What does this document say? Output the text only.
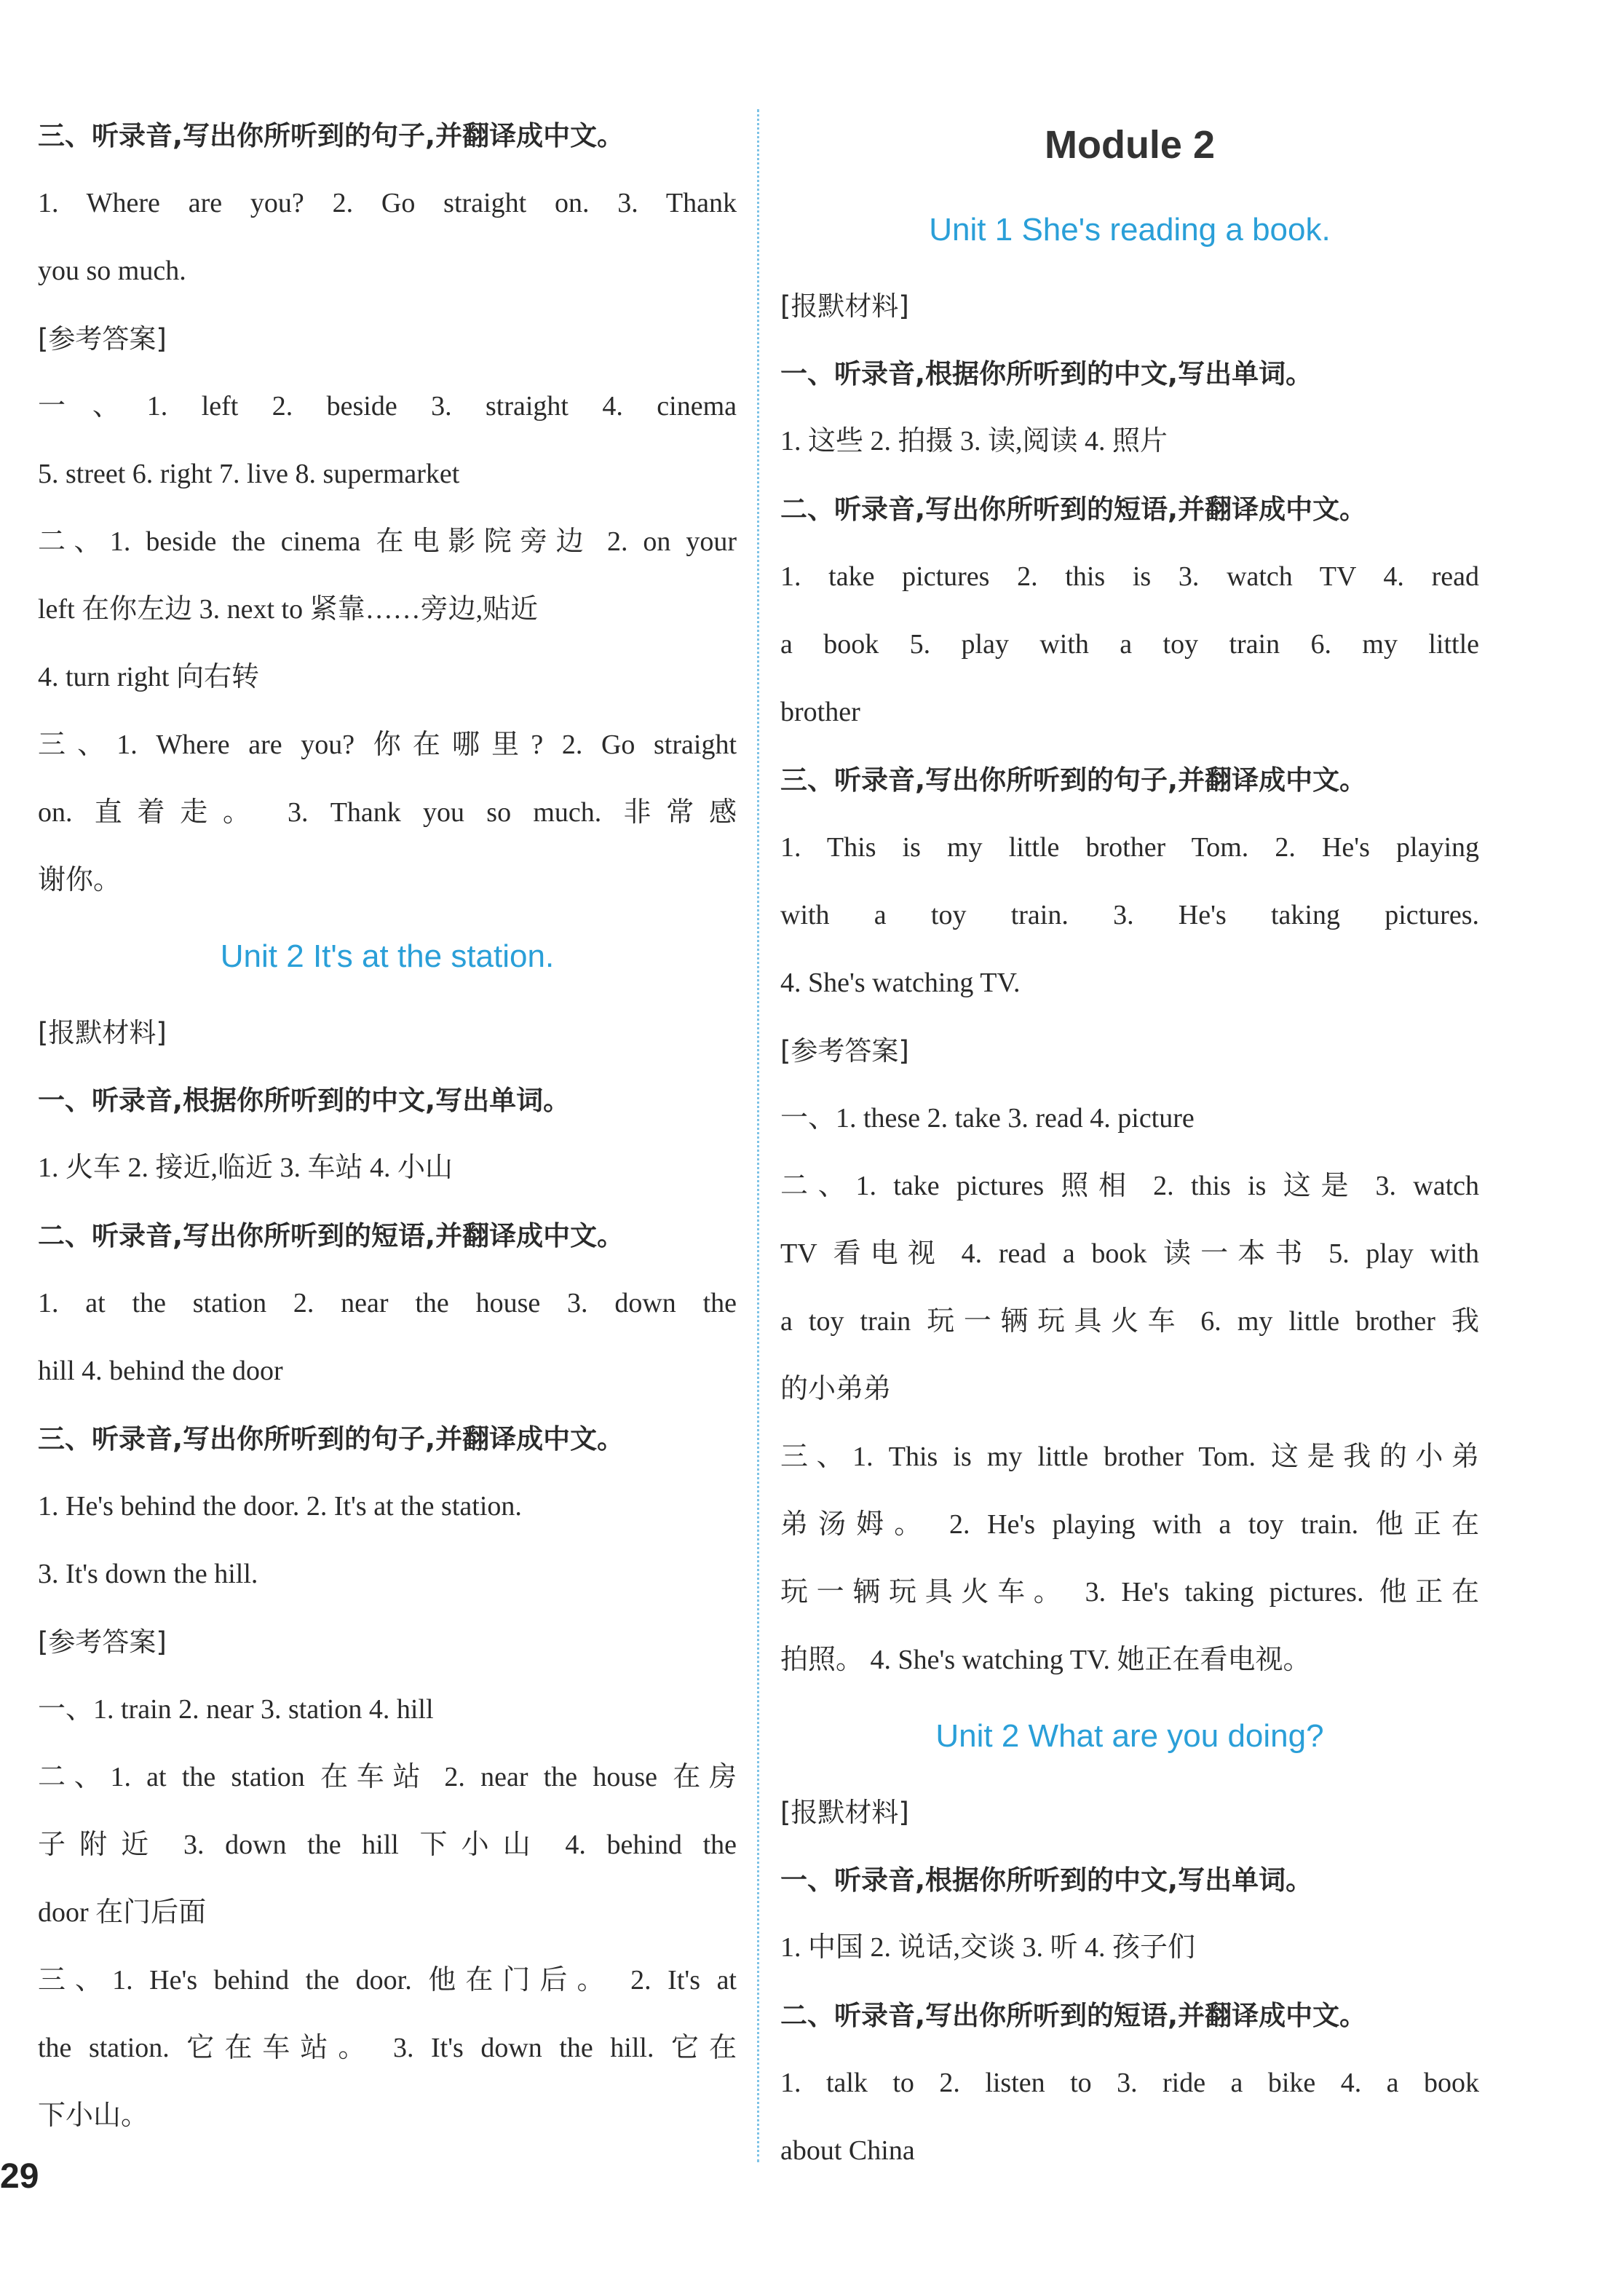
三、听录音,写出你所听到的句子,并翻译成中文。
1. Where are you? 2. Go straight on. 3. Thank
you so much.
[参考答案]
一、1. left 2. beside 3. straight 4. cinema
5. street 6. right 7. live 8. supermarket
二、1. beside the cinema 在电影院旁边 2. on your
left 在你左边 3. next to 紧靠……旁边,贴近
4. turn right 向右转
三、1. Where are you? 你在哪里? 2. Go straight
on. 直着走。 3. Thank you so much. 非常感
谢你。
Unit 2 It's at the station.
[报默材料]
一、听录音,根据你所听到的中文,写出单词。
1. 火车 2. 接近,临近 3. 车站 4. 小山
二、听录音,写出你所听到的短语,并翻译成中文。
1. at the station 2. near the house 3. down the
hill 4. behind the door
三、听录音,写出你所听到的句子,并翻译成中文。
1. He's behind the door. 2. It's at the station.
3. It's down the hill.
[参考答案]
一、1. train 2. near 3. station 4. hill
二、1. at the station 在车站 2. near the house 在房
子附近 3. down the hill 下小山 4. behind the
door 在门后面
三、1. He's behind the door. 他在门后。 2. It's at
the station. 它在车站。 3. It's down the hill. 它在
下小山。
Module 2
Unit 1 She's reading a book.
[报默材料]
一、听录音,根据你所听到的中文,写出单词。
1. 这些 2. 拍摄 3. 读,阅读 4. 照片
二、听录音,写出你所听到的短语,并翻译成中文。
1. take pictures 2. this is 3. watch TV 4. read
a book 5. play with a toy train 6. my little
brother
三、听录音,写出你所听到的句子,并翻译成中文。
1. This is my little brother Tom. 2. He's playing
with a toy train. 3. He's taking pictures.
4. She's watching TV.
[参考答案]
一、1. these 2. take 3. read 4. picture
二、1. take pictures 照相 2. this is 这是 3. watch
TV 看电视 4. read a book 读一本书 5. play with
a toy train 玩一辆玩具火车 6. my little brother 我
的小弟弟
三、1. This is my little brother Tom. 这是我的小弟
弟汤姆。 2. He's playing with a toy train. 他正在
玩一辆玩具火车。 3. He's taking pictures. 他正在
拍照。 4. She's watching TV. 她正在看电视。
Unit 2 What are you doing?
[报默材料]
一、听录音,根据你所听到的中文,写出单词。
1. 中国 2. 说话,交谈 3. 听 4. 孩子们
二、听录音,写出你所听到的短语,并翻译成中文。
1. talk to 2. listen to 3. ride a bike 4. a book
about China
29
